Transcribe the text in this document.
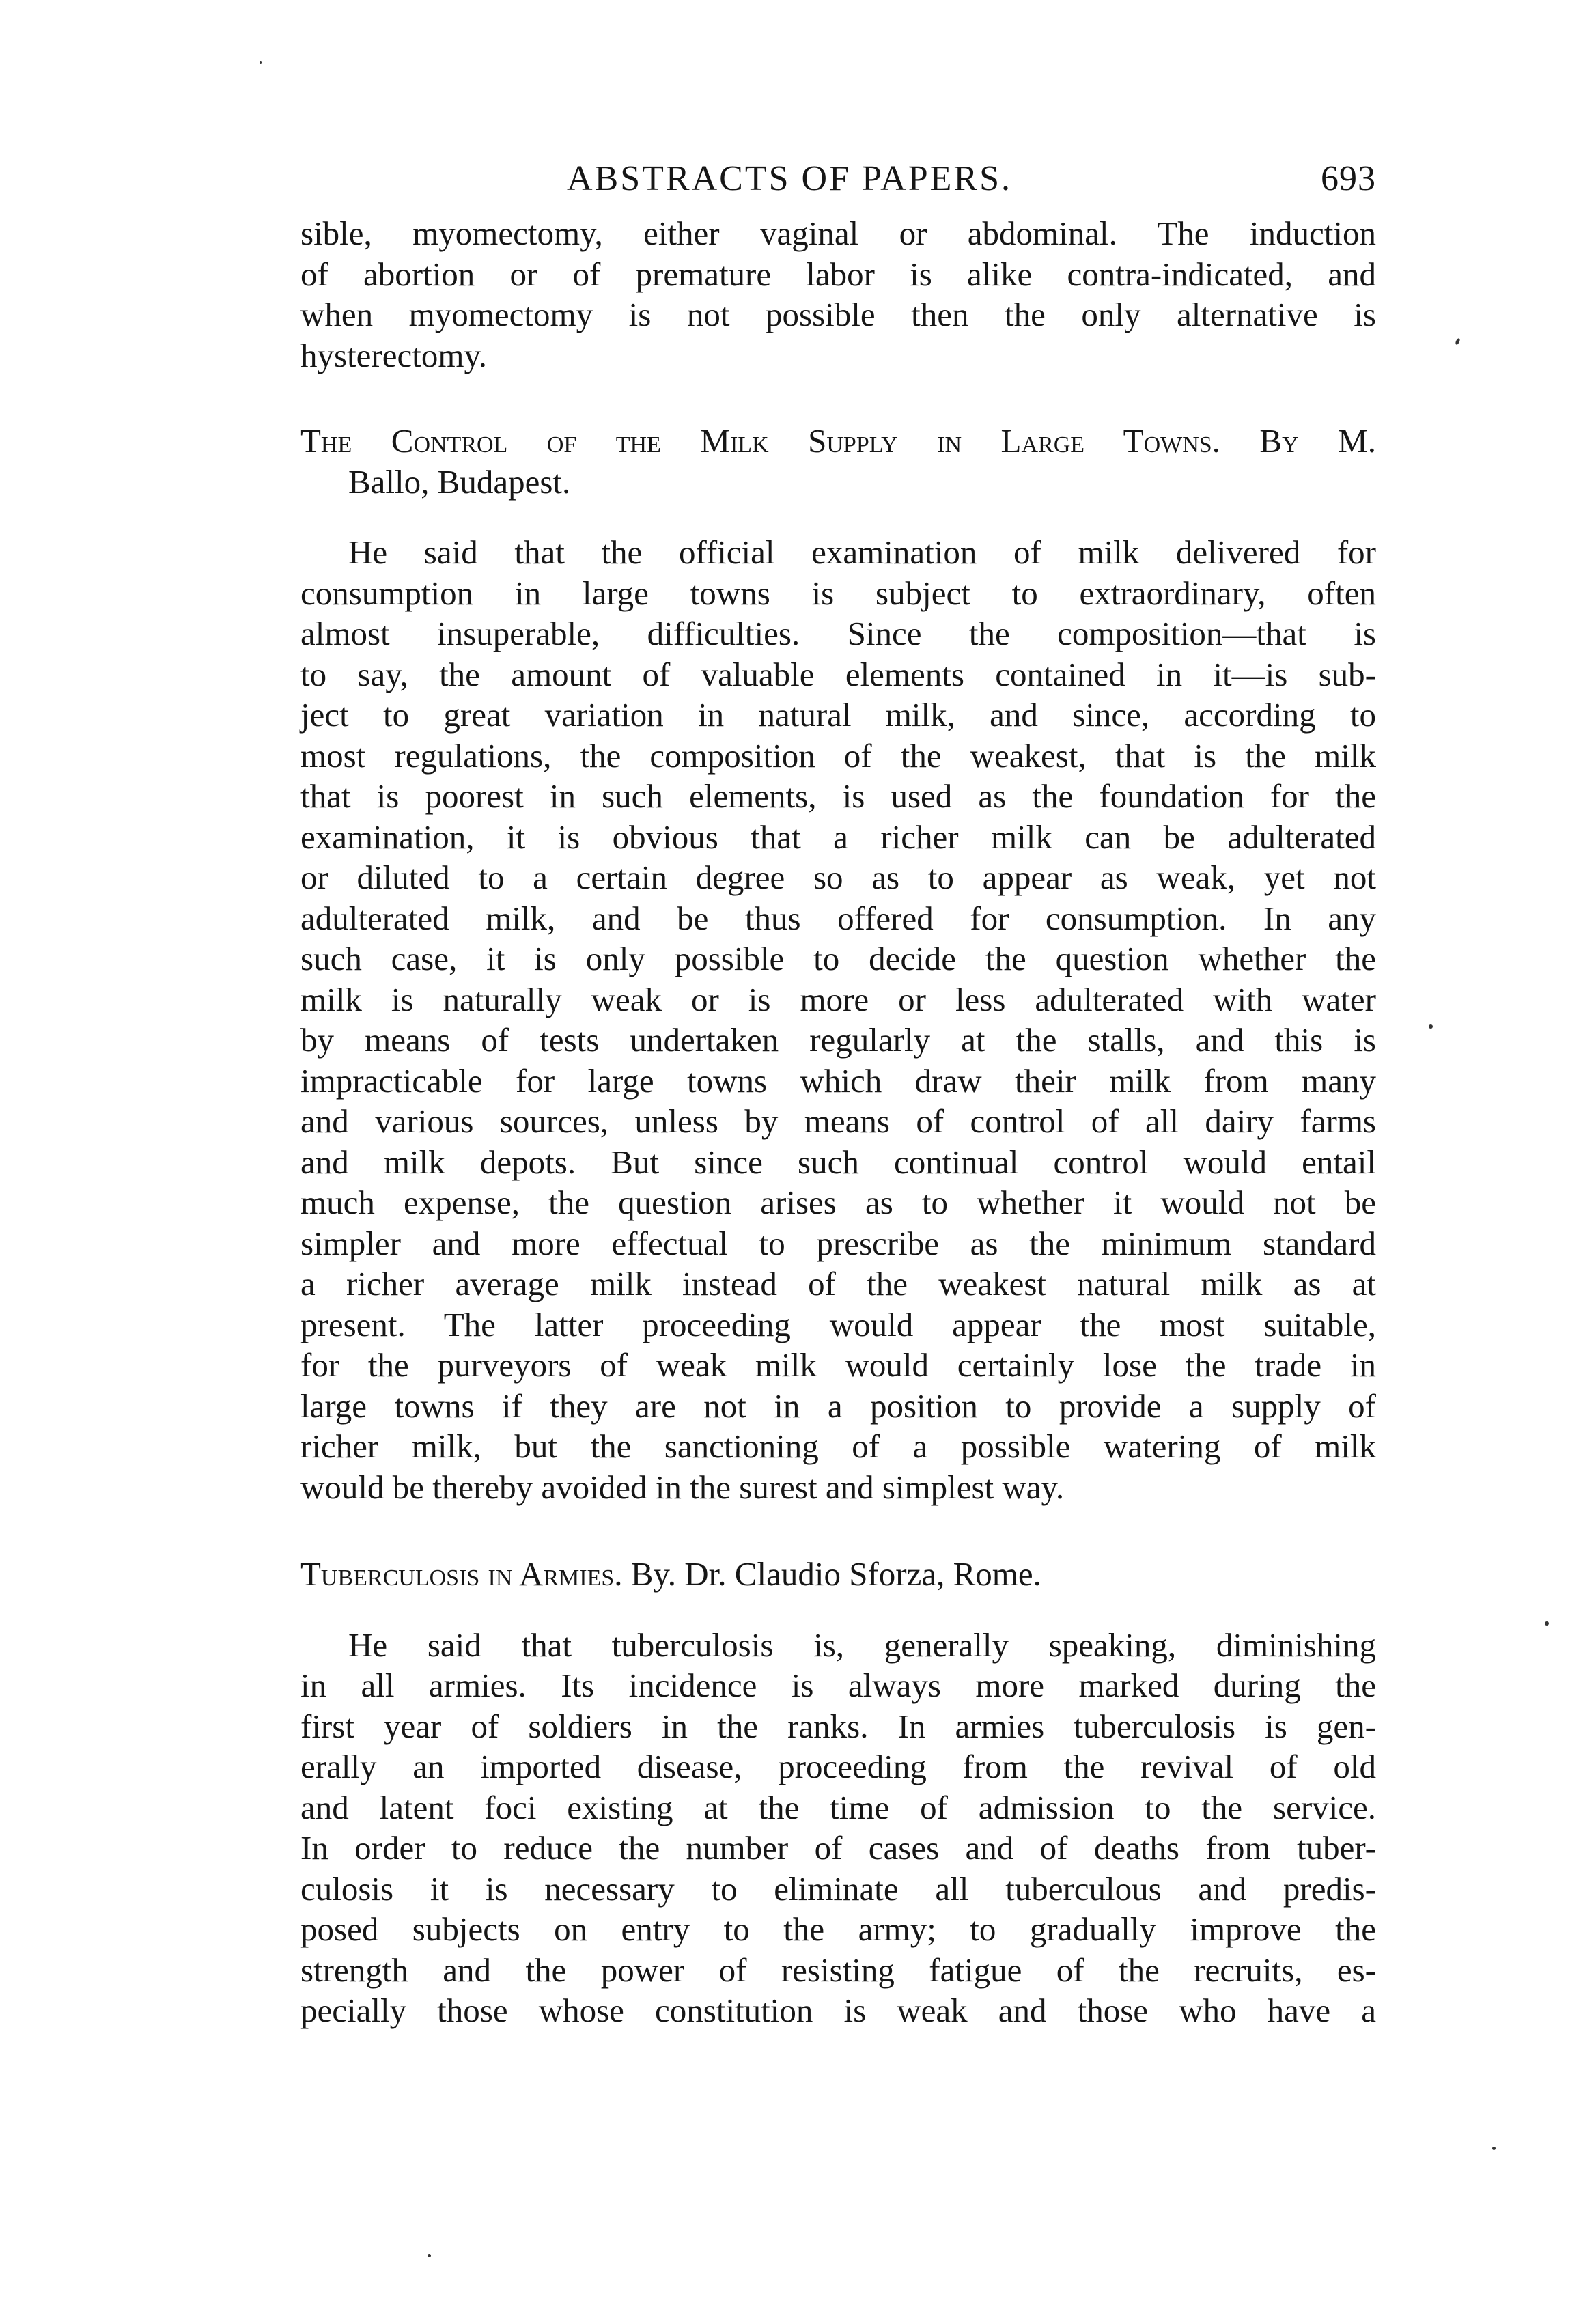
ABSTRACTS OF PAPERS.	693
sible, myomectomy, either vaginal or abdominal. The induction
of abortion or of premature labor is alike contra-indicated, and
when myomectomy is not possible then the only alternative is
hysterectomy.
The Control of the Milk Supply in Large Towns. By M.
Ballo, Budapest.
He said that the official examination of milk delivered for
consumption in large towns is subject to extraordinary, often
almost insuperable, difficulties. Since the composition—that is
to say, the amount of valuable elements contained in it—is sub-
ject to great variation in natural milk, and since, according to
most regulations, the composition of the weakest, that is the milk
that is poorest in such elements, is used as the foundation for the
examination, it is obvious that a richer milk can be adulterated
or diluted to a certain degree so as to appear as weak, yet not
adulterated milk, and be thus offered for consumption. In any
such case, it is only possible to decide the question whether the
milk is naturally weak or is more or less adulterated with water
by means of tests undertaken regularly at the stalls, and this is
impracticable for large towns which draw their milk from many
and various sources, unless by means of control of all dairy farms
and milk depots. But since such continual control would entail
much expense, the question arises as to whether it would not be
simpler and more effectual to prescribe as the minimum standard
a richer average milk instead of the weakest natural milk as at
present. The latter proceeding would appear the most suitable,
for the purveyors of weak milk would certainly lose the trade in
large towns if they are not in a position to provide a supply of
richer milk, but the sanctioning of a possible watering of milk
would be thereby avoided in the surest and simplest way.
Tuberculosis in Armies. By. Dr. Claudio Sforza, Rome.
He said that tuberculosis is, generally speaking, diminishing
in all armies. Its incidence is always more marked during the
first year of soldiers in the ranks. In armies tuberculosis is gen-
erally an imported disease, proceeding from the revival of old
and latent foci existing at the time of admission to the service.
In order to reduce the number of cases and of deaths from tuber-
culosis it is necessary to eliminate all tuberculous and predis-
posed subjects on entry to the army; to gradually improve the
strength and the power of resisting fatigue of the recruits, es-
pecially those whose constitution is weak and those who have a
